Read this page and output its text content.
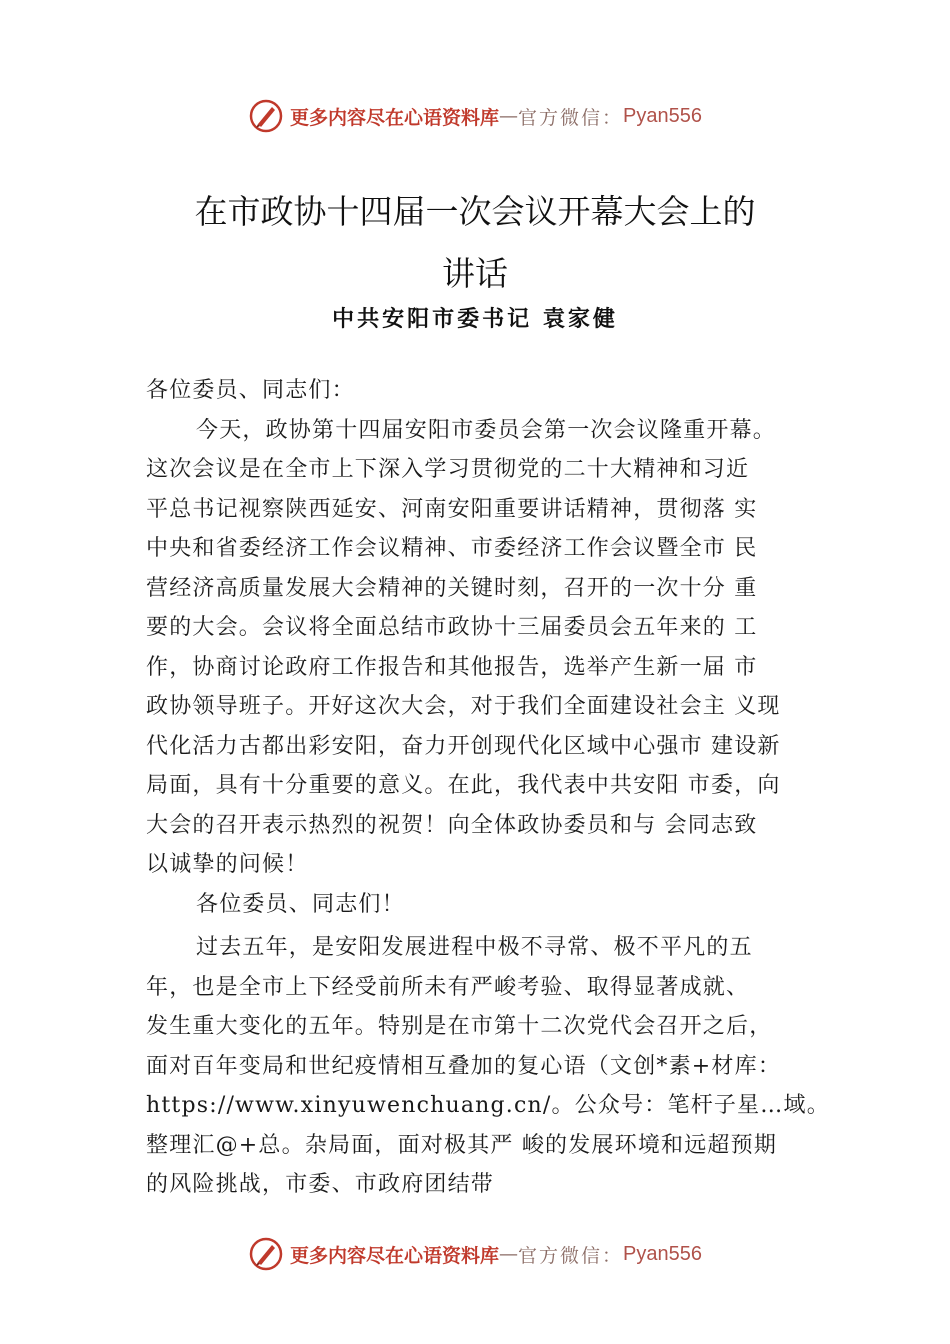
更多内容尽在心语资料库 — 官方微信： Pyan556
在市政协十四届一次会议开幕大会上的
讲话
中共安阳市委书记 袁家健
各位委员、同志们：
今天，政协第十四届安阳市委员会第一次会议隆重开幕。
这次会议是在全市上下深入学习贯彻党的二十大精神和习近
平总书记视察陕西延安、河南安阳重要讲话精神，贯彻落 实
中央和省委经济工作会议精神、市委经济工作会议暨全市 民
营经济高质量发展大会精神的关键时刻，召开的一次十分 重
要的大会。会议将全面总结市政协十三届委员会五年来的 工
作，协商讨论政府工作报告和其他报告，选举产生新一届 市
政协领导班子。开好这次大会，对于我们全面建设社会主 义现
代化活力古都出彩安阳，奋力开创现代化区域中心强市 建设新
局面，具有十分重要的意义。在此，我代表中共安阳 市委，向
大会的召开表示热烈的祝贺！向全体政协委员和与 会同志致
以诚挚的问候！
各位委员、同志们！
过去五年，是安阳发展进程中极不寻常、极不平凡的五
年，也是全市上下经受前所未有严峻考验、取得显著成就、
发生重大变化的五年。特别是在市第十二次党代会召开之后，
面对百年变局和世纪疫情相互叠加的复心语（文创*素+材库：
https://www.xinyuwenchuang.cn/。公众号：笔杆子星…域。
整理汇@+总。杂局面，面对极其严 峻的发展环境和远超预期
的风险挑战，市委、市政府团结带
更多内容尽在心语资料库 — 官方微信： Pyan556
